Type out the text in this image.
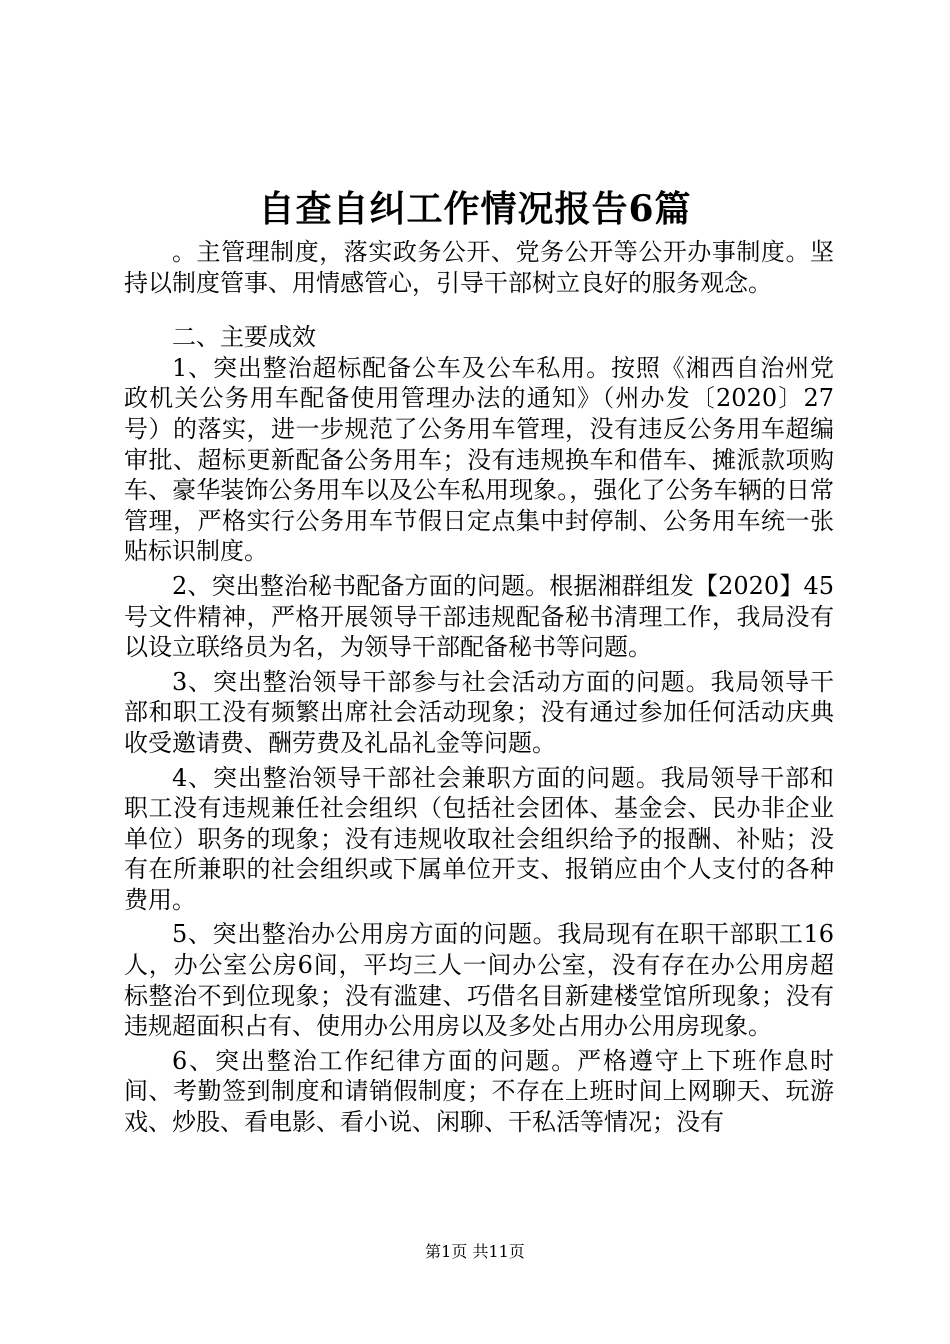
自查自纠工作情况报告6篇

。主管理制度，落实政务公开、党务公开等公开办事制度。坚持以制度管事、用情感管心，引导干部树立良好的服务观念。

二、主要成效

1、突出整治超标配备公车及公车私用。按照《湘西自治州党政机关公务用车配备使用管理办法的通知》（州办发〔2020〕27号）的落实，进一步规范了公务用车管理，没有违反公务用车超编审批、超标更新配备公务用车；没有违规换车和借车、摊派款项购车、豪华装饰公务用车以及公车私用现象。，强化了公务车辆的日常管理，严格实行公务用车节假日定点集中封停制、公务用车统一张贴标识制度。

2、突出整治秘书配备方面的问题。根据湘群组发【2020】45号文件精神，严格开展领导干部违规配备秘书清理工作，我局没有以设立联络员为名，为领导干部配备秘书等问题。

3、突出整治领导干部参与社会活动方面的问题。我局领导干部和职工没有频繁出席社会活动现象；没有通过参加任何活动庆典收受邀请费、酬劳费及礼品礼金等问题。

4、突出整治领导干部社会兼职方面的问题。我局领导干部和职工没有违规兼任社会组织（包括社会团体、基金会、民办非企业单位）职务的现象；没有违规收取社会组织给予的报酬、补贴；没有在所兼职的社会组织或下属单位开支、报销应由个人支付的各种费用。

5、突出整治办公用房方面的问题。我局现有在职干部职工16人，办公室公房6间，平均三人一间办公室，没有存在办公用房超标整治不到位现象；没有滥建、巧借名目新建楼堂馆所现象；没有违规超面积占有、使用办公用房以及多处占用办公用房现象。

6、突出整治工作纪律方面的问题。严格遵守上下班作息时间、考勤签到制度和请销假制度；不存在上班时间上网聊天、玩游戏、炒股、看电影、看小说、闲聊、干私活等情况；没有

第1页 共11页
